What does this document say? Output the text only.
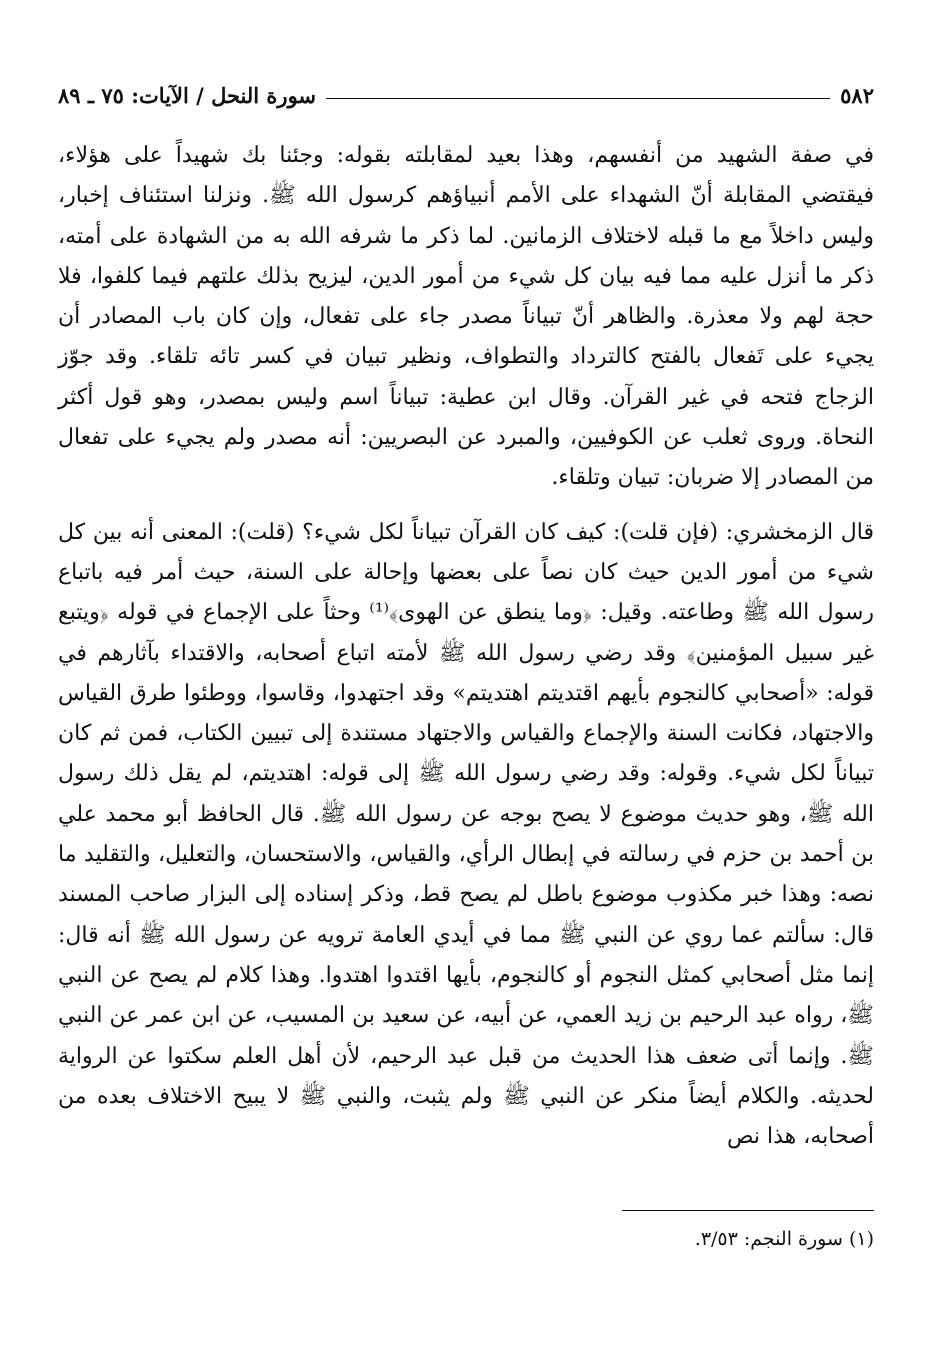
٥٨٢
سورة النحل / الآيات: ٧٥ ـ ٨٩

في صفة الشهيد من أنفسهم، وهذا بعيد لمقابلته بقوله: وجئنا بك شهيداً على هؤلاء، فيقتضي المقابلة أنّ الشهداء على الأمم أنبياؤهم كرسول الله ﷺ. ونزلنا استئناف إخبار، وليس داخلاً مع ما قبله لاختلاف الزمانين. لما ذكر ما شرفه الله به من الشهادة على أمته، ذكر ما أنزل عليه مما فيه بيان كل شيء من أمور الدين، ليزيح بذلك علتهم فيما كلفوا، فلا حجة لهم ولا معذرة. والظاهر أنّ تبياناً مصدر جاء على تفعال، وإن كان باب المصادر أن يجيء على تَفعال بالفتح كالترداد والتطواف، ونظير تبيان في كسر تائه تلقاء. وقد جوّز الزجاج فتحه في غير القرآن. وقال ابن عطية: تبياناً اسم وليس بمصدر، وهو قول أكثر النحاة. وروى ثعلب عن الكوفيين، والمبرد عن البصريين: أنه مصدر ولم يجيء على تفعال من المصادر إلا ضربان: تبيان وتلقاء.

قال الزمخشري: (فإن قلت): كيف كان القرآن تبياناً لكل شيء؟ (قلت): المعنى أنه بين كل شيء من أمور الدين حيث كان نصاً على بعضها وإحالة على السنة، حيث أمر فيه باتباع رسول الله ﷺ وطاعته. وقيل: ﴿وما ينطق عن الهوى﴾⁽¹⁾ وحثاً على الإجماع في قوله ﴿ويتبع غير سبيل المؤمنين﴾ وقد رضي رسول الله ﷺ لأمته اتباع أصحابه، والاقتداء بآثارهم في قوله: «أصحابي كالنجوم بأيهم اقتديتم اهتديتم» وقد اجتهدوا، وقاسوا، ووطئوا طرق القياس والاجتهاد، فكانت السنة والإجماع والقياس والاجتهاد مستندة إلى تبيين الكتاب، فمن ثم كان تبياناً لكل شيء. وقوله: وقد رضي رسول الله ﷺ إلى قوله: اهتديتم، لم يقل ذلك رسول الله ﷺ، وهو حديث موضوع لا يصح بوجه عن رسول الله ﷺ. قال الحافظ أبو محمد علي بن أحمد بن حزم في رسالته في إبطال الرأي، والقياس، والاستحسان، والتعليل، والتقليد ما نصه: وهذا خبر مكذوب موضوع باطل لم يصح قط، وذكر إسناده إلى البزار صاحب المسند قال: سألتم عما روي عن النبي ﷺ مما في أيدي العامة ترويه عن رسول الله ﷺ أنه قال: إنما مثل أصحابي كمثل النجوم أو كالنجوم، بأيها اقتدوا اهتدوا. وهذا كلام لم يصح عن النبي ﷺ، رواه عبد الرحيم بن زيد العمي، عن أبيه، عن سعيد بن المسيب، عن ابن عمر عن النبي ﷺ. وإنما أتى ضعف هذا الحديث من قبل عبد الرحيم، لأن أهل العلم سكتوا عن الرواية لحديثه. والكلام أيضاً منكر عن النبي ﷺ ولم يثبت، والنبي ﷺ لا يبيح الاختلاف بعده من أصحابه، هذا نص

(١) سورة النجم: ٣/٥٣.
